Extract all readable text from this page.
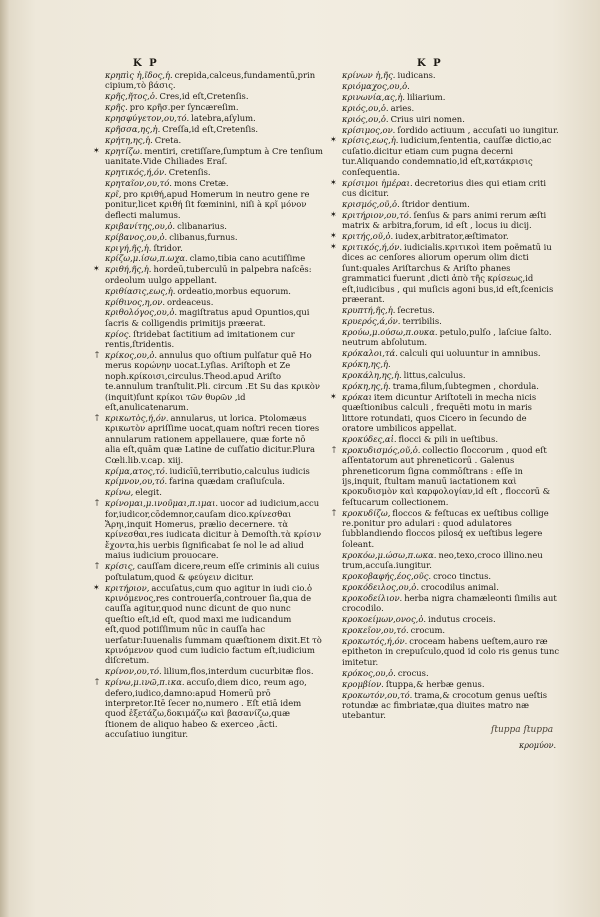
K P	K P
κρηπὶς ἡ,ῖδος,ἡ. crepida,calceus,fundamentū,prin cipium,τὸ βάσις.
κρῆς,ῆτος,ὁ. Cres,id eſt,Cretenſis.
κρῆς. pro κρῆσ.per ſyncæreſim.
κρησφύγετον,ου,τό. latebra,aſylum.
κρῆσσα,ης,ἡ. Creſſa,id eſt,Cretenſis.
κρήτη,ης,ἡ. Creta.
✶ κρητίζω. mentiri, cretiſſare,ſumptum à Cre tenſium uanitate.Vide Chiliades Eraſ.
κρητικός,ή,όν. Cretenſis.
κρηταῖον,ου,τό. mons Cretæ.
κρῖ, pro κριθή,apud Homerum in neutro gene re ponitur,licet κριθή ſit fœminini, niſi à κρῖ μόνον deflecti malumus.
κριβανίτης,ου,ὁ. clibanarius.
κρίβανος,ου,ὁ. clibanus,furnus.
κριγή,ῆς,ἡ. ſtridor.
κρίζω,μ.ίσω,π.ωχα. clamo,tibia cano acutiſſime
✶ κριθή,ῆς,ἡ. hordeū,tuberculū in palpebra naſcēs: ordeolum uulgo appellant.
κριθίασις,εως,ἡ. ordeatio,morbus equorum.
κρίθινος,η,ον. ordeaceus.
κριθολόγος,ου,ὁ. magiſtratus apud Opuntios,qui ſacris & colligendis primitijs præerat.
κρίος. ſtridebat ſactitium ad imitationem cur rentis,ſtridentis.
† κρίκος,ου,ὁ. annulus quo oſtium pulſatur quē Ho merus κορώνην uocat.Lyſias. Ariſtoph et Ze noph.κρίκοισι,circulus.Theod.apud Ariſto te.annulum tranſtulit.Pli. circum .Et Su das κρικὸν (inquit)ſunt κρίκοι τῶν θυρῶν ,id eſt,anulicatenarum.
† κρικωτὸς,ή,όν. annularus, ut lorica. Ptolomæus κρικωτὸν apriſſime uocat,quam noſtri recen tiores annularum rationem appellauere, quæ forte nō alia eſt,quām quæ Latine de cuſſatio dicitur.Plura Cœli.lib.v.cap. xiij.
κρίμα,ατος,τό. iudicīū,terributio,calculus iudicis
κρίμνον,ου,τό. farina quædam craſiuſcula.
κρίνω, elegit.
† κρίνομαι,μ.ινοῦμαι,π.ιμαι. uocor ad iudicium,accu for,iudicor,cōdemnor,cauſam dico.κρίνεσθαι Ἄρηι,inquit Homerus, prælio decernere. τὰ κρίνεσθαι,res iudicata dicitur à Demoſth.τὰ κρίσιν ἔχοντα,his uerbis ſignificabat ſe nol le ad aliud maius iudicium prouocare.
† κρίσις, cauſſam dicere,reum eſſe criminis ali cuius poſtulatum,quod & φεύγειν dicitur.
✶ κριτήριον, accuſatus,cum quo agitur in iudi cio.ὁ κρινόμενος,res controuerſa,controuer ſia,qua de cauſſa agitur,quod nunc dicunt de quo nunc queſtio eſt,id eſt, quod maxi me iudicandum eſt,quod potiſſimum nūc in cauſſa hac uerſatur:Iuuenalis ſummam quæſtionem dixit.Et τὸ κρινόμενον quod cum iudicio factum eſt,iudicium diſcretum.
κρίνον,ου,τό. lilium,flos,interdum cucurbitæ flos.
† κρίνω,μ.ινῶ,π.ικα. accuſo,diem dico, reum ago, defero,iudico,damno:apud Homerū prō interpretor.Itē ſecer no,numero . Eſt etiā idem quod ἐξετάζω,δοκιμάζω καὶ βασανίζω,quæ ſtionem de aliquo habeo & exerceo ,ācti. accuſatiuo iungitur.
κρίνων ἡ,ῆς. iudicans.
κριόμαχος,ου,ὁ.
κρινωνία,ας,ἡ. liliarium.
κριός,ου,ὁ. aries.
κριός,ου,ὁ. Crius uiri nomen.
κρίσιμος,ον. ſordido actiuum , accuſati uo iungitur.
✶ κρίσις,εως,ἡ. iudicium,ſententia, cauſſæ dictio,ac cuſatio.dicitur etiam cum pugna decerni tur.Aliquando condemnatio,id eſt,κατάκρισις conſequentia.
✶ κρίσιμοι ἡμέραι. decretorius dies qui etiam criti cus dicitur.
κρισμός,οῦ,ὁ. ſtridor dentium.
✶ κριτήριον,ου,τό. ſenſus & pars animi rerum æſti matrix & arbitra,forum, id eſt , locus iu dicij.
✶ κριτής,οῦ,ὁ. iudex,arbitrator,æſtimator.
✶ κριτικός,ή,όν. iudicialis.κριτικοὶ item poëmatū iu dices ac cenſores aliorum operum olim dicti ſunt:quales Ariſtarchus & Ariſto phanes grammatici fuerunt ,dicti ἀπὸ τῆς κρίσεως,id eſt,iudicibus , qui muſicis agoni bus,id eſt,ſcenicis præerant.
κρυπτή,ῆς,ἡ. ſecretus.
κρυερός,ά,όν. terribilis.
κρούω,μ.ούσω,π.ουκα. petulo,pulſo , laſciue ſalto. neutrum abſolutum.
κρόκαλοι,τά. calculi qui uoluuntur in amnibus.
κρόκη,ης,ἡ.
κροκάλη,ης,ἡ. littus,calculus.
κρόκη,ης,ἡ. trama,filum,ſubtegmen , chordula.
✶ κρόκαι item dicuntur Ariſtoteli in mecha nicis quæſtionibus calculi , frequēti motu in maris littore rotundati, quos Cicero in ſecundo de oratore umbilicos appellat.
κροκύδες,αἱ. flocci & pili in ueſtibus.
† κροκυδισμός,οῦ,ὁ. collectio ſloccorum , quod eſt aſſentatorum aut phreneticorū . Galenus phreneticorum ſigna commōſtrans : eſſe in ijs,inquit, ſtultam manuū iactationem καὶ κροκυδισμὸν καὶ καρφολογίαν,id eſt , floccorū & feſtucarum collectionem.
† κροκυδίζω, floccos & feſtucas ex ueſtibus collige re.ponitur pro adulari : quod adulatores ſubblandiendo floccos pilosq́ ex ueſtibus legere ſoleant.
κροκόω,μ.ώσω,π.ωκα. neo,texo,croco illino.neu trum,accuſa.iungitur.
κροκοβαφής,έος,οῦς. croco tinctus.
κροκόδειλος,ου,ὁ. crocodilus animal.
κροκοδείλιον. herba nigra chamæleonti ſimilis aut crocodilo.
κροκοείμων,ονος,ὁ. indutus croceis.
κροκεῖον,ου,τό. crocum.
κροκωτός,ή,όν. croceam habens ueſtem,auro ræ epitheton in crepuſculo,quod id colo ris genus tunc imitetur.
κρόκος,ου,ὁ. crocus.
κρομβίον. ſtuppa,& herbæ genus.
κροκωτόν,ου,τό. trama,& crocotum genus ueſtis rotundæ ac fimbriatæ,qua diuites matro næ utebantur.
ſtuppa ſtuppa
κρομύον.
